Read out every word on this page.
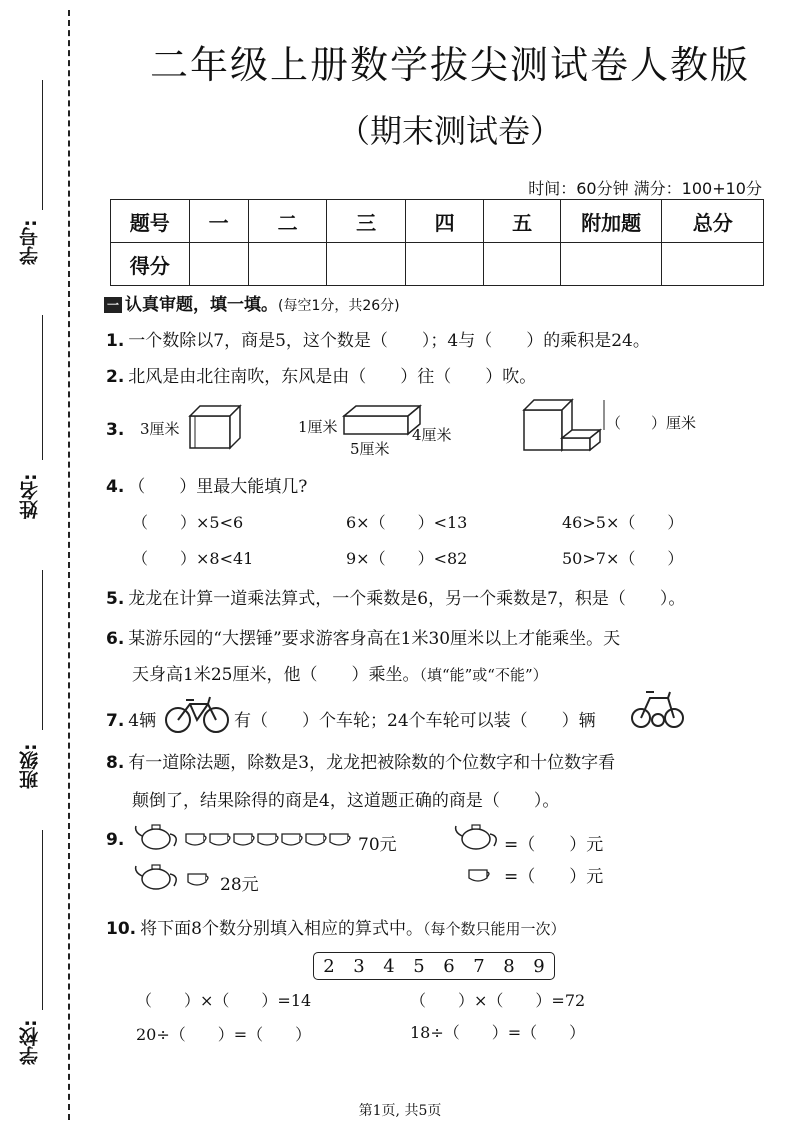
学号:
姓名:
班级:
学校:
二年级上册数学拔尖测试卷人教版
（期末测试卷）
时间：60分钟 满分：100+10分
题号	一	二	三	四	五	附加题	总分
得分							
一 认真审题，填一填。(每空1分，共26分)
1. 一个数除以7，商是5，这个数是（　　）；4与（　　）的乘积是24。
2. 北风是由北往南吹，东风是由（　　）往（　　）吹。
3. 3厘米	1厘米	4厘米
5厘米
（　　）厘米
4. （　　）里最大能填几?
（　　）×5<6	6×（　　）<13	46>5×（　　）
（　　）×8<41	9×（　　）<82	50>7×（　　）
5. 龙龙在计算一道乘法算式，一个乘数是6，另一个乘数是7，积是（　　）。
6. 某游乐园的“大摆锤”要求游客身高在1米30厘米以上才能乘坐。天
天身高1米25厘米，他（　　）乘坐。（填“能”或“不能”）
7. 4辆	有（　　）个车轮；24个车轮可以装（　　）辆
8. 有一道除法题，除数是3，龙龙把被除数的个位数字和十位数字看
颠倒了，结果除得的商是4，这道题正确的商是（　　）。
9.	70元	=（　　）元
28元	=（　　）元
10. 将下面8个数分别填入相应的算式中。（每个数只能用一次）
2 3 4 5 6 7 8 9
（　　）×（　　）=14	（　　）×（　　）=72
20÷（　　）=（　　）	18÷（　　）=（　　）
第1页, 共5页
